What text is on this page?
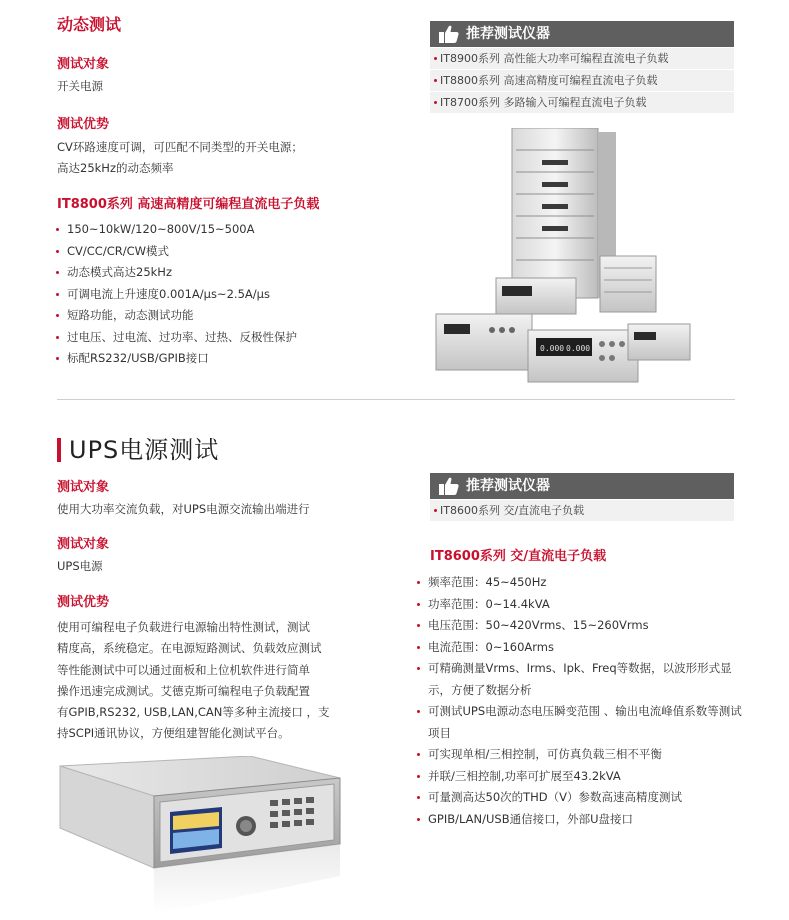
动态测试
测试对象
开关电源
测试优势
CV环路速度可调，可匹配不同类型的开关电源；
高达25kHz的动态频率
IT8800系列 高速高精度可编程直流电子负载
150~10kW/120~800V/15~500A
CV/CC/CR/CW模式
动态模式高达25kHz
可调电流上升速度0.001A/μs~2.5A/μs
短路功能，动态测试功能
过电压、过电流、过功率、过热、反极性保护
标配RS232/USB/GPIB接口
推荐测试仪器
IT8900系列 高性能大功率可编程直流电子负载
IT8800系列 高速高精度可编程直流电子负载
IT8700系列 多路输入可编程直流电子负载
0.000 0.000
UPS电源测试
测试对象
使用大功率交流负载，对UPS电源交流输出端进行
测试对象
UPS电源
测试优势
使用可编程电子负载进行电源输出特性测试，测试
精度高，系统稳定。在电源短路测试、负载效应测试
等性能测试中可以通过面板和上位机软件进行简单
操作迅速完成测试。艾德克斯可编程电子负载配置
有GPIB,RS232, USB,LAN,CAN等多种主流接口 ，支
持SCPI通讯协议，方便组建智能化测试平台。
推荐测试仪器
IT8600系列 交/直流电子负载
IT8600系列 交/直流电子负载
频率范围：45~450Hz
功率范围：0~14.4kVA
电压范围：50~420Vrms、15~260Vrms
电流范围：0~160Arms
可精确测量Vrms、Irms、Ipk、Freq等数据，以波形形式显示，方便了数据分析
可测试UPS电源动态电压瞬变范围 、输出电流峰值系数等测试项目
可实现单相/三相控制，可仿真负载三相不平衡
并联/三相控制,功率可扩展至43.2kVA
可量测高达50次的THD（V）参数高速高精度测试
GPIB/LAN/USB通信接口，外部U盘接口
